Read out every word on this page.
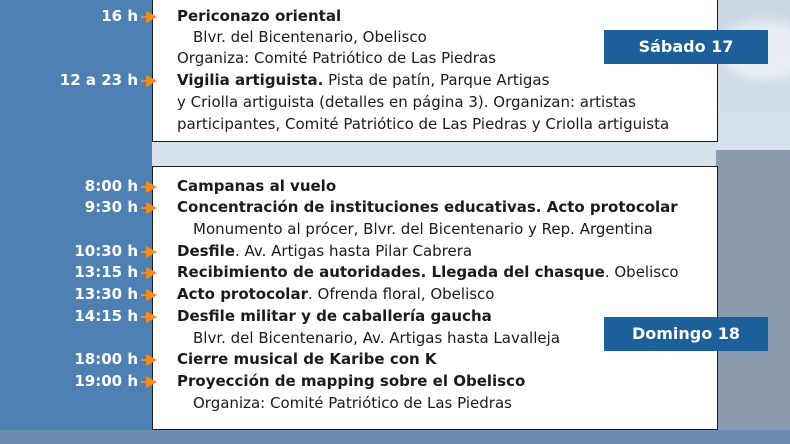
Sábado 17
16 h	Periconazo oriental
Blvr. del Bicentenario, Obelisco
Organiza: Comité Patriótico de Las Piedras
12 a 23 h	Vigilia artiguista. Pista de patín, Parque Artigas
y Criolla artiguista (detalles en página 3). Organizan: artistas
participantes, Comité Patriótico de Las Piedras y Criolla artiguista
Domingo 18
8:00 h	Campanas al vuelo
9:30 h	Concentración de instituciones educativas. Acto protocolar
Monumento al prócer, Blvr. del Bicentenario y Rep. Argentina
10:30 h	Desfile. Av. Artigas hasta Pilar Cabrera
13:15 h	Recibimiento de autoridades. Llegada del chasque. Obelisco
13:30 h	Acto protocolar. Ofrenda floral, Obelisco
14:15 h	Desfile militar y de caballería gaucha
Blvr. del Bicentenario, Av. Artigas hasta Lavalleja
18:00 h	Cierre musical de Karibe con K
19:00 h	Proyección de mapping sobre el Obelisco
Organiza: Comité Patriótico de Las Piedras
